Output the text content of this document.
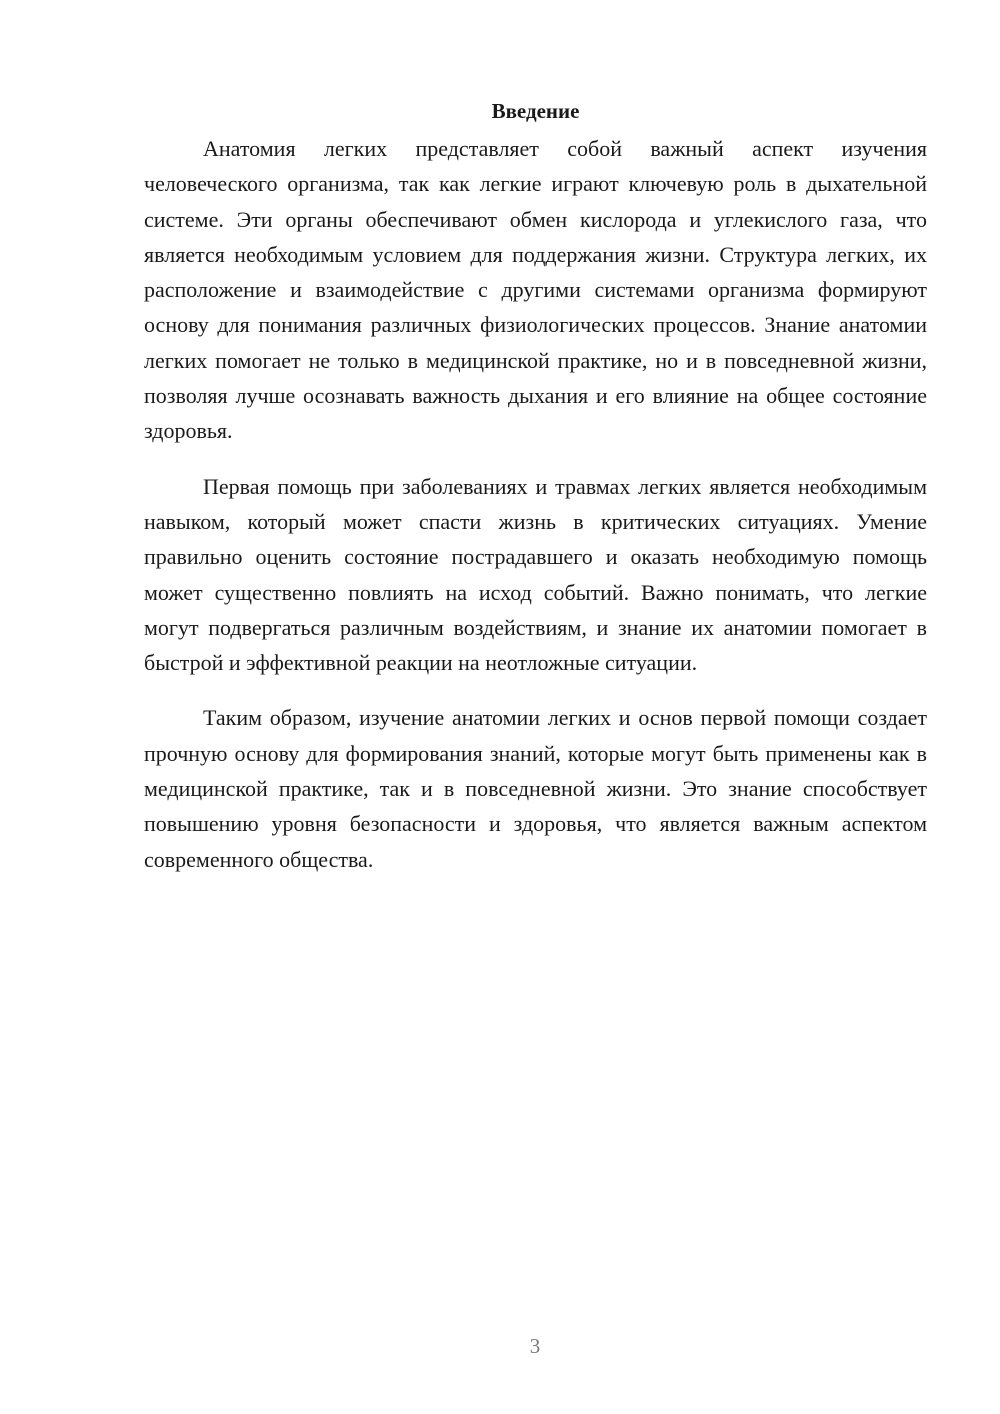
Введение

Анатомия легких представляет собой важный аспект изучения человеческого организма, так как легкие играют ключевую роль в дыхательной системе. Эти органы обеспечивают обмен кислорода и углекислого газа, что является необходимым условием для поддержания жизни. Структура легких, их расположение и взаимодействие с другими системами организма формируют основу для понимания различных физиологических процессов. Знание анатомии легких помогает не только в медицинской практике, но и в повседневной жизни, позволяя лучше осознавать важность дыхания и его влияние на общее состояние здоровья.

Первая помощь при заболеваниях и травмах легких является необходимым навыком, который может спасти жизнь в критических ситуациях. Умение правильно оценить состояние пострадавшего и оказать необходимую помощь может существенно повлиять на исход событий. Важно понимать, что легкие могут подвергаться различным воздействиям, и знание их анатомии помогает в быстрой и эффективной реакции на неотложные ситуации.

Таким образом, изучение анатомии легких и основ первой помощи создает прочную основу для формирования знаний, которые могут быть применены как в медицинской практике, так и в повседневной жизни. Это знание способствует повышению уровня безопасности и здоровья, что является важным аспектом современного общества.

3
